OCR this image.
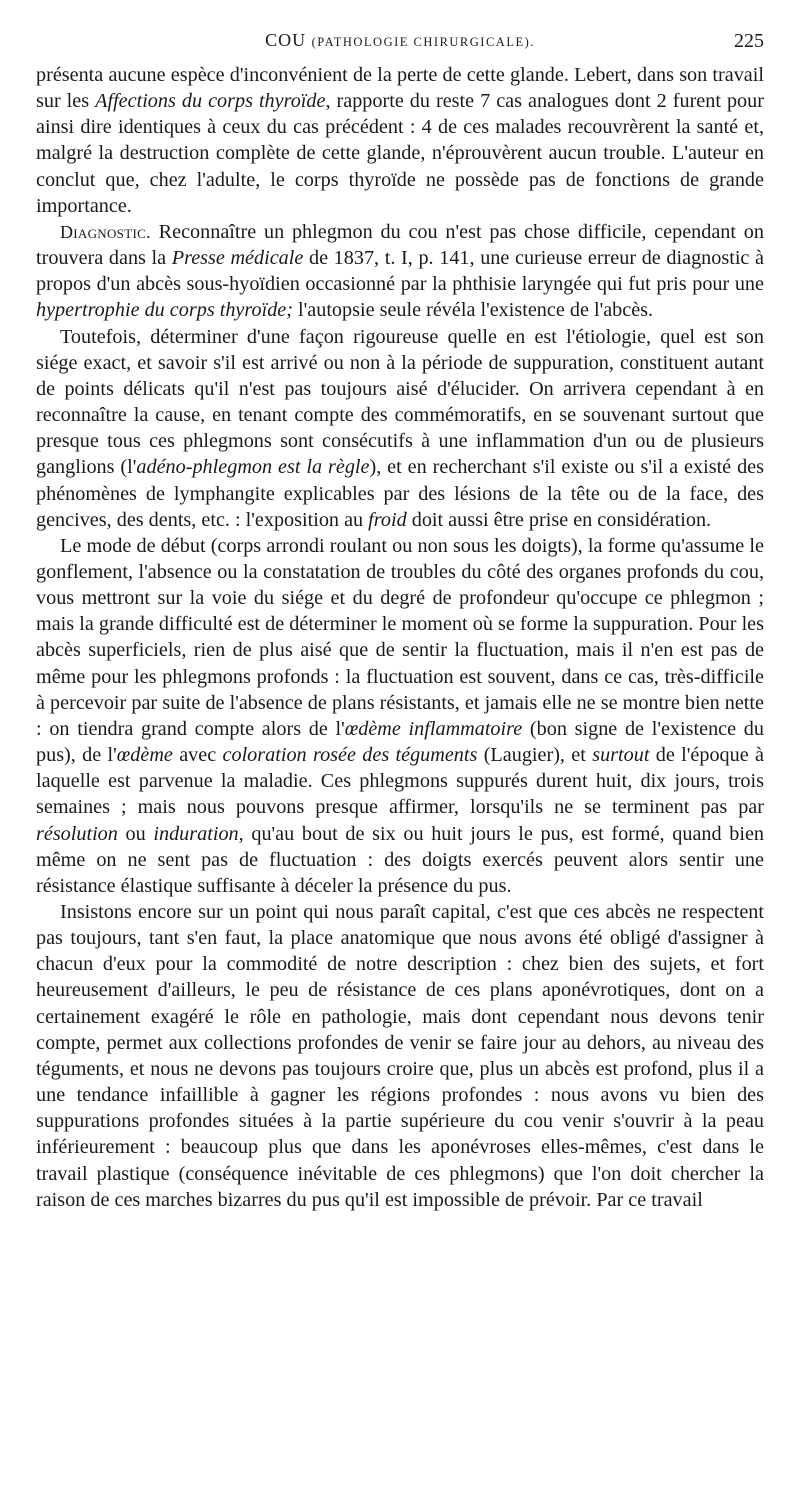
COU (PATHOLOGIE CHIRURGICALE).	225

présenta aucune espèce d'inconvénient de la perte de cette glande. Lebert, dans son travail sur les Affections du corps thyroïde, rapporte du reste 7 cas analogues dont 2 furent pour ainsi dire identiques à ceux du cas précédent : 4 de ces malades recouvrèrent la santé et, malgré la destruction complète de cette glande, n'éprouvèrent aucun trouble. L'auteur en conclut que, chez l'adulte, le corps thyroïde ne possède pas de fonctions de grande importance.

Diagnostic. Reconnaître un phlegmon du cou n'est pas chose difficile, cependant on trouvera dans la Presse médicale de 1837, t. I, p. 141, une curieuse erreur de diagnostic à propos d'un abcès sous-hyoïdien occasionné par la phthisie laryngée qui fut pris pour une hypertrophie du corps thyroïde; l'autopsie seule révéla l'existence de l'abcès.

Toutefois, déterminer d'une façon rigoureuse quelle en est l'étiologie, quel est son siége exact, et savoir s'il est arrivé ou non à la période de suppuration, constituent autant de points délicats qu'il n'est pas toujours aisé d'élucider. On arrivera cependant à en reconnaître la cause, en tenant compte des commémoratifs, en se souvenant surtout que presque tous ces phlegmons sont consécutifs à une inflammation d'un ou de plusieurs ganglions (l'adéno-phlegmon est la règle), et en recherchant s'il existe ou s'il a existé des phénomènes de lymphangite explicables par des lésions de la tête ou de la face, des gencives, des dents, etc. : l'exposition au froid doit aussi être prise en considération.

Le mode de début (corps arrondi roulant ou non sous les doigts), la forme qu'assume le gonflement, l'absence ou la constatation de troubles du côté des organes profonds du cou, vous mettront sur la voie du siége et du degré de profondeur qu'occupe ce phlegmon ; mais la grande difficulté est de déterminer le moment où se forme la suppuration. Pour les abcès superficiels, rien de plus aisé que de sentir la fluctuation, mais il n'en est pas de même pour les phlegmons profonds : la fluctuation est souvent, dans ce cas, très-difficile à percevoir par suite de l'absence de plans résistants, et jamais elle ne se montre bien nette : on tiendra grand compte alors de l'œdème inflammatoire (bon signe de l'existence du pus), de l'œdème avec coloration rosée des téguments (Laugier), et surtout de l'époque à laquelle est parvenue la maladie. Ces phlegmons suppurés durent huit, dix jours, trois semaines ; mais nous pouvons presque affirmer, lorsqu'ils ne se terminent pas par résolution ou induration, qu'au bout de six ou huit jours le pus, est formé, quand bien même on ne sent pas de fluctuation : des doigts exercés peuvent alors sentir une résistance élastique suffisante à déceler la présence du pus.

Insistons encore sur un point qui nous paraît capital, c'est que ces abcès ne respectent pas toujours, tant s'en faut, la place anatomique que nous avons été obligé d'assigner à chacun d'eux pour la commodité de notre description : chez bien des sujets, et fort heureusement d'ailleurs, le peu de résistance de ces plans aponévrotiques, dont on a certainement exagéré le rôle en pathologie, mais dont cependant nous devons tenir compte, permet aux collections profondes de venir se faire jour au dehors, au niveau des téguments, et nous ne devons pas toujours croire que, plus un abcès est profond, plus il a une tendance infaillible à gagner les régions profondes : nous avons vu bien des suppurations profondes situées à la partie supérieure du cou venir s'ouvrir à la peau inférieurement : beaucoup plus que dans les aponévroses elles-mêmes, c'est dans le travail plastique (conséquence inévitable de ces phlegmons) que l'on doit chercher la raison de ces marches bizarres du pus qu'il est impossible de prévoir. Par ce travail
